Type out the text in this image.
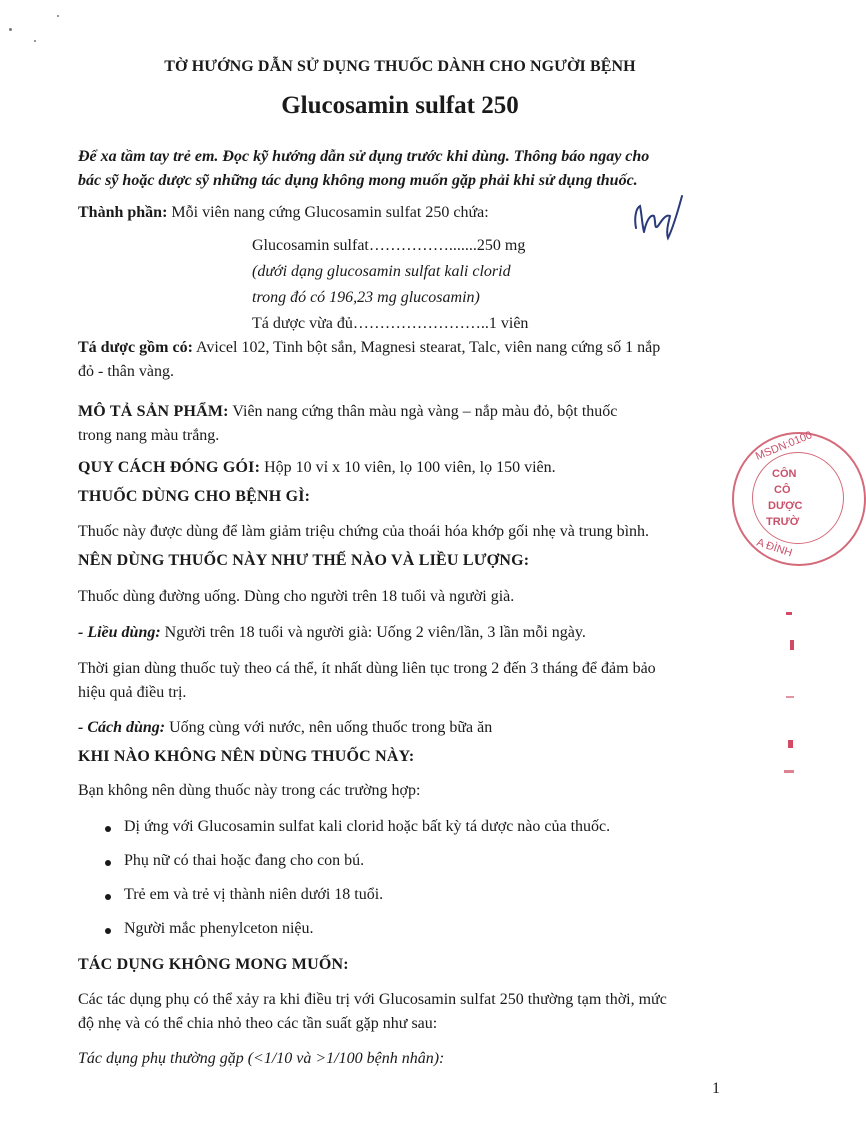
TỜ HƯỚNG DẪN SỬ DỤNG THUỐC DÀNH CHO NGƯỜI BỆNH
Glucosamin sulfat 250
Để xa tầm tay trẻ em. Đọc kỹ hướng dẫn sử dụng trước khi dùng. Thông báo ngay cho
bác sỹ hoặc dược sỹ những tác dụng không mong muốn gặp phải khi sử dụng thuốc.
Thành phần: Mỗi viên nang cứng Glucosamin sulfat 250 chứa:
Glucosamin sulfat…………….......250 mg
(dưới dạng glucosamin sulfat kali clorid
trong đó có 196,23 mg glucosamin)
Tá dược vừa đủ……………………..1 viên
Tá dược gồm có: Avicel 102, Tinh bột sắn, Magnesi stearat, Talc, viên nang cứng số 1 nắp
đỏ - thân vàng.
MÔ TẢ SẢN PHẨM: Viên nang cứng thân màu ngà vàng – nắp màu đỏ, bột thuốc
trong nang màu trắng.
QUY CÁCH ĐÓNG GÓI: Hộp 10 vỉ x 10 viên, lọ 100 viên, lọ 150 viên.
THUỐC DÙNG CHO BỆNH GÌ:
Thuốc này được dùng để làm giảm triệu chứng của thoái hóa khớp gối nhẹ và trung bình.
NÊN DÙNG THUỐC NÀY NHƯ THẾ NÀO VÀ LIỀU LƯỢNG:
Thuốc dùng đường uống. Dùng cho người trên 18 tuổi và người già.
- Liều dùng: Người trên 18 tuổi và người già: Uống 2 viên/lần, 3 lần mỗi ngày.
Thời gian dùng thuốc tuỳ theo cá thể, ít nhất dùng liên tục trong 2 đến 3 tháng để đảm bảo
hiệu quả điều trị.
- Cách dùng: Uống cùng với nước, nên uống thuốc trong bữa ăn
KHI NÀO KHÔNG NÊN DÙNG THUỐC NÀY:
Bạn không nên dùng thuốc này trong các trường hợp:
Dị ứng với Glucosamin sulfat kali clorid hoặc bất kỳ tá dược nào của thuốc.
Phụ nữ có thai hoặc đang cho con bú.
Trẻ em và trẻ vị thành niên dưới 18 tuổi.
Người mắc phenylceton niệu.
TÁC DỤNG KHÔNG MONG MUỐN:
Các tác dụng phụ có thể xảy ra khi điều trị với Glucosamin sulfat 250 thường tạm thời, mức
độ nhẹ và có thể chia nhỏ theo các tần suất gặp như sau:
Tác dụng phụ thường gặp (<1/10 và >1/100 bệnh nhân):
1
MSDN:0100
CÔN
CÔ
DƯỢC
TRƯỜ
A ĐÌNH
